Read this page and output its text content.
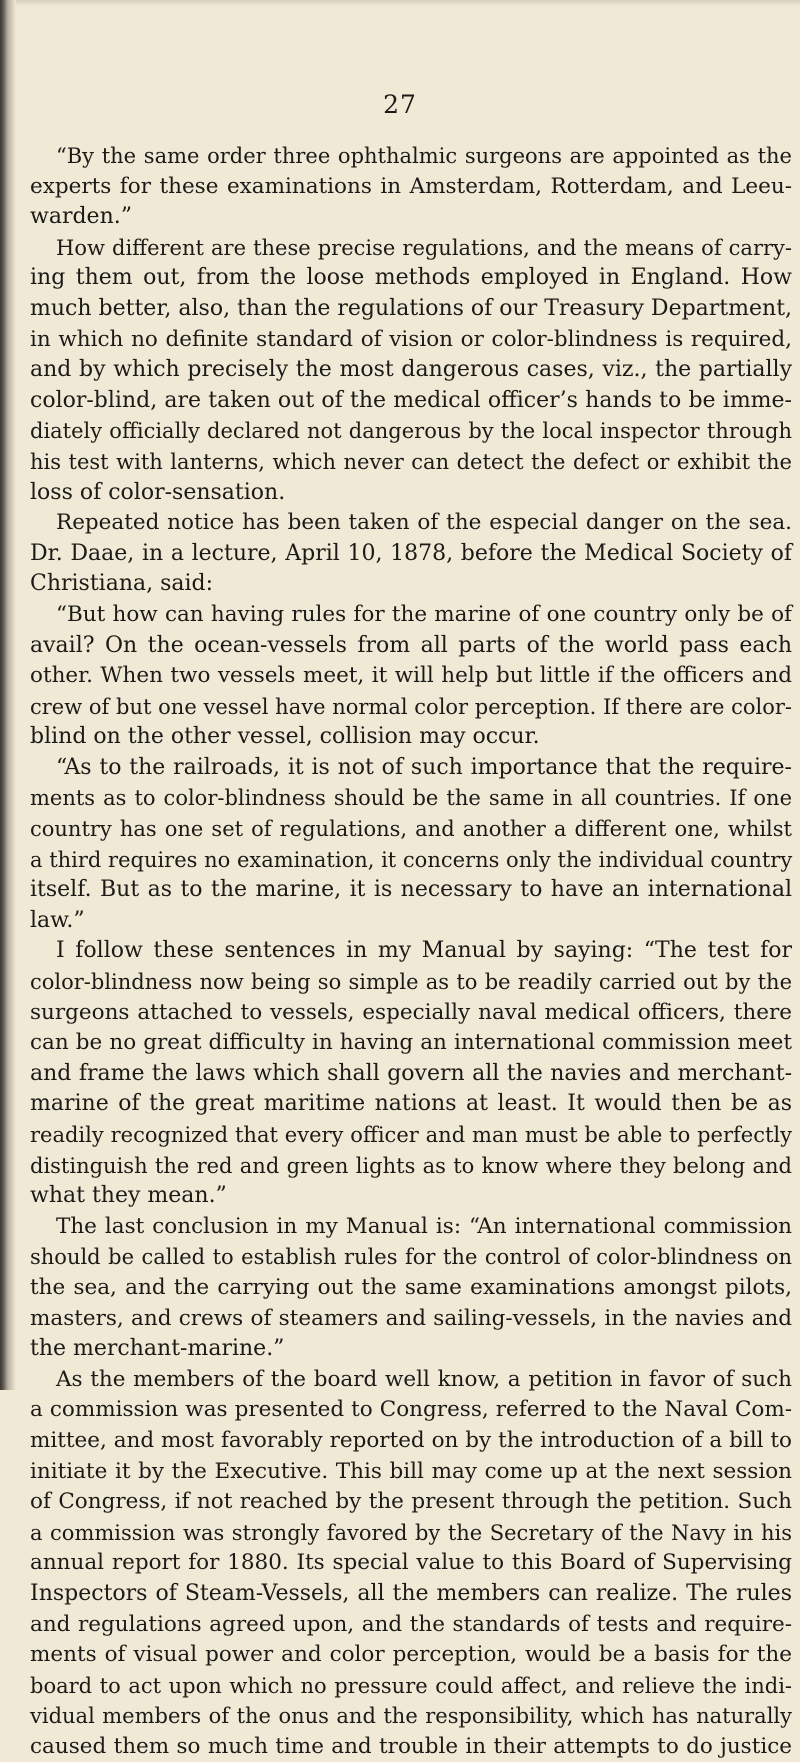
27
“By the same order three ophthalmic surgeons are appointed as the
experts for these examinations in Amsterdam, Rotterdam, and Leeu-
warden.”
How different are these precise regulations, and the means of carry-
ing them out, from the loose methods employed in England. How
much better, also, than the regulations of our Treasury Department,
in which no definite standard of vision or color-blindness is required,
and by which precisely the most dangerous cases, viz., the partially
color-blind, are taken out of the medical officer’s hands to be imme-
diately officially declared not dangerous by the local inspector through
his test with lanterns, which never can detect the defect or exhibit the
loss of color-sensation.
Repeated notice has been taken of the especial danger on the sea.
Dr. Daae, in a lecture, April 10, 1878, before the Medical Society of
Christiana, said:
“But how can having rules for the marine of one country only be of
avail? On the ocean-vessels from all parts of the world pass each
other. When two vessels meet, it will help but little if the officers and
crew of but one vessel have normal color perception. If there are color-
blind on the other vessel, collision may occur.
“As to the railroads, it is not of such importance that the require-
ments as to color-blindness should be the same in all countries. If one
country has one set of regulations, and another a different one, whilst
a third requires no examination, it concerns only the individual country
itself. But as to the marine, it is necessary to have an international
law.”
I follow these sentences in my Manual by saying: “The test for
color-blindness now being so simple as to be readily carried out by the
surgeons attached to vessels, especially naval medical officers, there
can be no great difficulty in having an international commission meet
and frame the laws which shall govern all the navies and merchant-
marine of the great maritime nations at least. It would then be as
readily recognized that every officer and man must be able to perfectly
distinguish the red and green lights as to know where they belong and
what they mean.”
The last conclusion in my Manual is: “An international commission
should be called to establish rules for the control of color-blindness on
the sea, and the carrying out the same examinations amongst pilots,
masters, and crews of steamers and sailing-vessels, in the navies and
the merchant-marine.”
As the members of the board well know, a petition in favor of such
a commission was presented to Congress, referred to the Naval Com-
mittee, and most favorably reported on by the introduction of a bill to
initiate it by the Executive. This bill may come up at the next session
of Congress, if not reached by the present through the petition. Such
a commission was strongly favored by the Secretary of the Navy in his
annual report for 1880. Its special value to this Board of Supervising
Inspectors of Steam-Vessels, all the members can realize. The rules
and regulations agreed upon, and the standards of tests and require-
ments of visual power and color perception, would be a basis for the
board to act upon which no pressure could affect, and relieve the indi-
vidual members of the onus and the responsibility, which has naturally
caused them so much time and trouble in their attempts to do justice
